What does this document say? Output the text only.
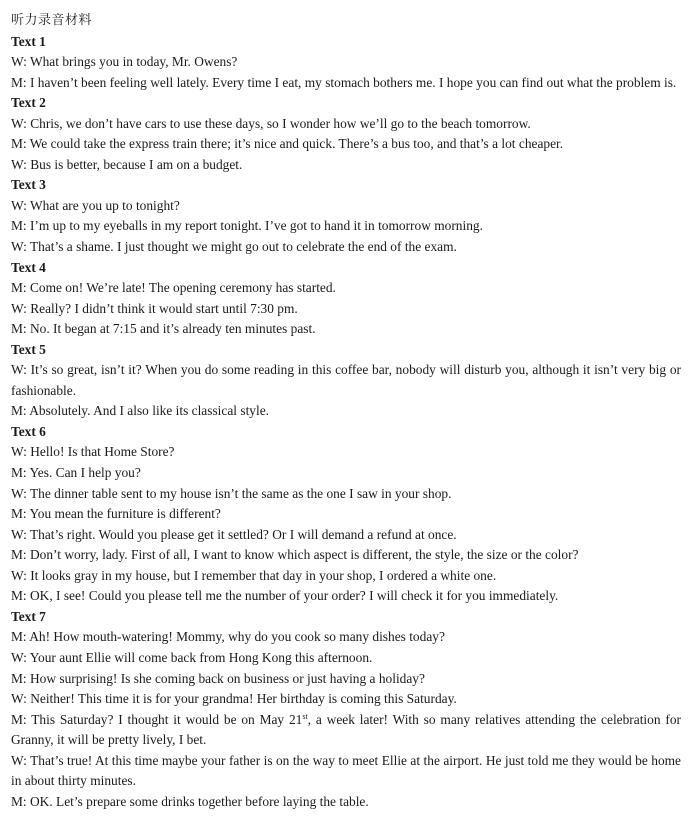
听力录音材料
Text 1
W: What brings you in today, Mr. Owens?
M: I haven’t been feeling well lately. Every time I eat, my stomach bothers me. I hope you can find out what the problem is.
Text 2
W: Chris, we don’t have cars to use these days, so I wonder how we’ll go to the beach tomorrow.
M: We could take the express train there; it’s nice and quick. There’s a bus too, and that’s a lot cheaper.
W: Bus is better, because I am on a budget.
Text 3
W: What are you up to tonight?
M: I’m up to my eyeballs in my report tonight. I’ve got to hand it in tomorrow morning.
W: That’s a shame. I just thought we might go out to celebrate the end of the exam.
Text 4
M: Come on! We’re late! The opening ceremony has started.
W: Really? I didn’t think it would start until 7:30 pm.
M: No. It began at 7:15 and it’s already ten minutes past.
Text 5
W: It’s so great, isn’t it? When you do some reading in this coffee bar, nobody will disturb you, although it isn’t very big or fashionable.
M: Absolutely. And I also like its classical style.
Text 6
W: Hello! Is that Home Store?
M: Yes. Can I help you?
W: The dinner table sent to my house isn’t the same as the one I saw in your shop.
M: You mean the furniture is different?
W: That’s right. Would you please get it settled? Or I will demand a refund at once.
M: Don’t worry, lady. First of all, I want to know which aspect is different, the style, the size or the color?
W: It looks gray in my house, but I remember that day in your shop, I ordered a white one.
M: OK, I see! Could you please tell me the number of your order? I will check it for you immediately.
Text 7
M: Ah! How mouth-watering! Mommy, why do you cook so many dishes today?
W: Your aunt Ellie will come back from Hong Kong this afternoon.
M: How surprising! Is she coming back on business or just having a holiday?
W: Neither! This time it is for your grandma! Her birthday is coming this Saturday.
M: This Saturday? I thought it would be on May 21st, a week later! With so many relatives attending the celebration for Granny, it will be pretty lively, I bet.
W: That’s true! At this time maybe your father is on the way to meet Ellie at the airport. He just told me they would be home in about thirty minutes.
M: OK. Let’s prepare some drinks together before laying the table.
